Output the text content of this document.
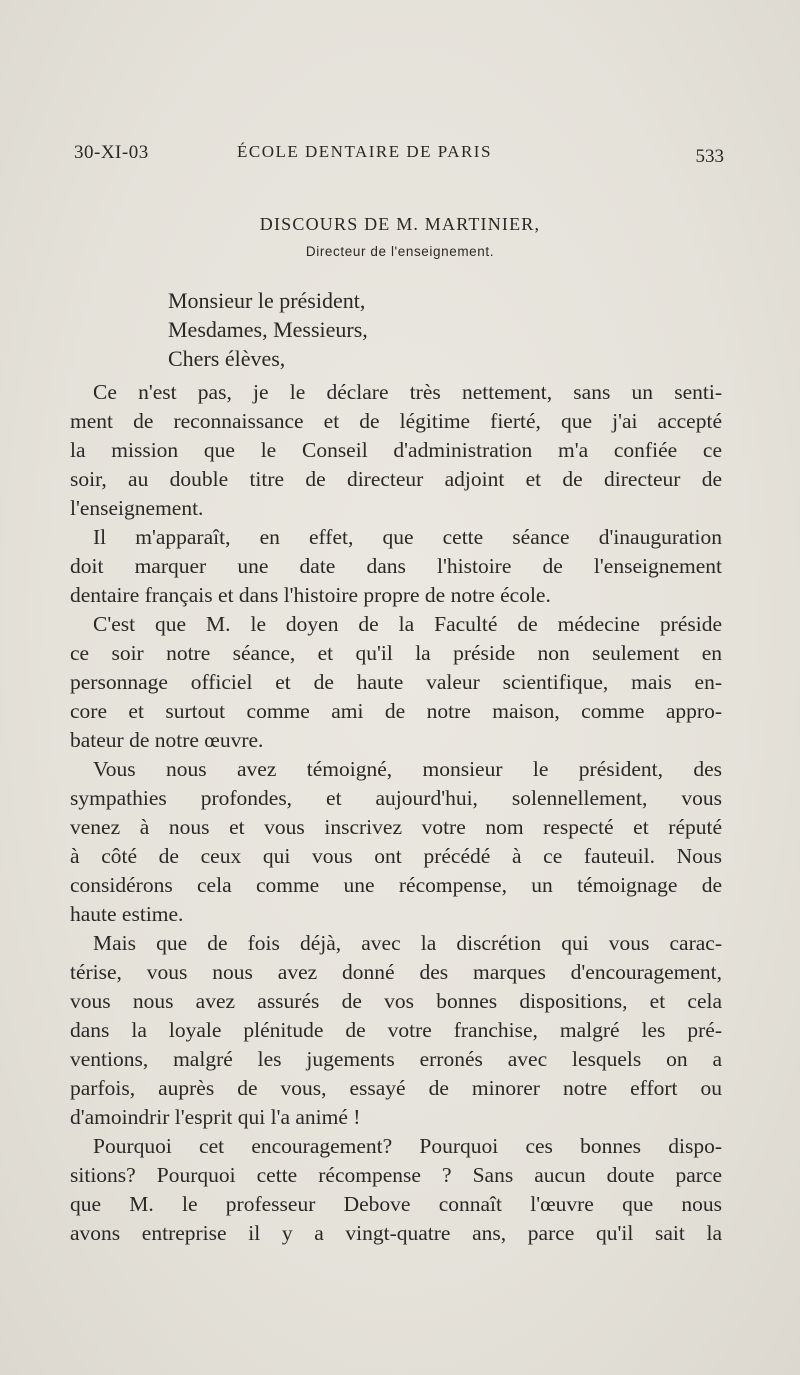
30-XI-03	ÉCOLE DENTAIRE DE PARIS	533
DISCOURS DE M. MARTINIER,
Directeur de l'enseignement.
Monsieur le président,
Mesdames, Messieurs,
Chers élèves,

Ce n'est pas, je le déclare très nettement, sans un senti-
ment de reconnaissance et de légitime fierté, que j'ai accepté
la mission que le Conseil d'administration m'a confiée ce
soir, au double titre de directeur adjoint et de directeur de
l'enseignement.

Il m'apparaît, en effet, que cette séance d'inauguration
doit marquer une date dans l'histoire de l'enseignement
dentaire français et dans l'histoire propre de notre école.

C'est que M. le doyen de la Faculté de médecine préside
ce soir notre séance, et qu'il la préside non seulement en
personnage officiel et de haute valeur scientifique, mais en-
core et surtout comme ami de notre maison, comme appro-
bateur de notre œuvre.

Vous nous avez témoigné, monsieur le président, des
sympathies profondes, et aujourd'hui, solennellement, vous
venez à nous et vous inscrivez votre nom respecté et réputé
à côté de ceux qui vous ont précédé à ce fauteuil. Nous
considérons cela comme une récompense, un témoignage de
haute estime.

Mais que de fois déjà, avec la discrétion qui vous carac-
térise, vous nous avez donné des marques d'encouragement,
vous nous avez assurés de vos bonnes dispositions, et cela
dans la loyale plénitude de votre franchise, malgré les pré-
ventions, malgré les jugements erronés avec lesquels on a
parfois, auprès de vous, essayé de minorer notre effort ou
d'amoindrir l'esprit qui l'a animé !

Pourquoi cet encouragement? Pourquoi ces bonnes dispo-
sitions? Pourquoi cette récompense ? Sans aucun doute parce
que M. le professeur Debove connaît l'œuvre que nous
avons entreprise il y a vingt-quatre ans, parce qu'il sait la
